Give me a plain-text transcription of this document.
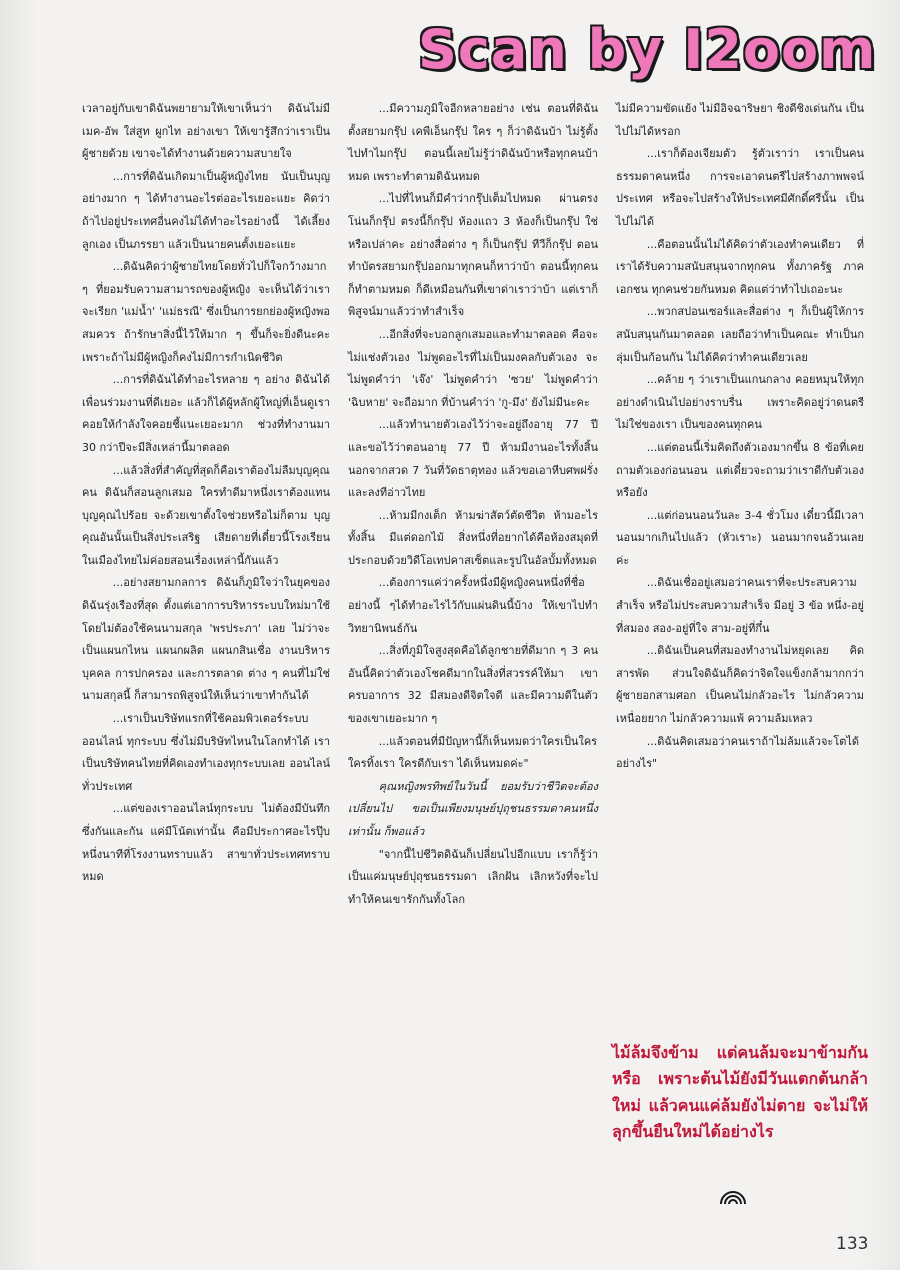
Scan by I2oom

เวลาอยู่กับเขาดิฉันพยายามให้เขาเห็นว่า ดิฉันไม่มีเมค-อัพ ใส่สูท ผูกไท อย่างเขา ให้เขารู้สึกว่าเราเป็นผู้ชายด้วย เขาจะได้ทำงานด้วยความสบายใจ

...การที่ดิฉันเกิดมาเป็นผู้หญิงไทย นับเป็นบุญอย่างมาก ๆ ได้ทำงานอะไรต่ออะไรเยอะแยะ คิดว่าถ้าไปอยู่ประเทศอื่นคงไม่ได้ทำอะไรอย่างนี้ ได้เลี้ยงลูกเอง เป็นภรรยา แล้วเป็นนายคนตั้งเยอะแยะ

...ดิฉันคิดว่าผู้ชายไทยโดยทั่วไปก็ใจกว้างมาก ๆ ที่ยอมรับความสามารถของผู้หญิง จะเห็นได้ว่าเราจะเรียก 'แม่น้ำ' 'แม่ธรณี' ซึ่งเป็นการยกย่องผู้หญิงพอสมควร ถ้ารักษาสิ่งนี้ไว้ให้มาก ๆ ขึ้นก็จะยิ่งดีนะคะ เพราะถ้าไม่มีผู้หญิงก็คงไม่มีการกำเนิดชีวิต

...การที่ดิฉันได้ทำอะไรหลาย ๆ อย่าง ดิฉันได้เพื่อนร่วมงานที่ดีเยอะ แล้วก็ได้ผู้หลักผู้ใหญ่ที่เอ็นดูเรา คอยให้กำลังใจคอยชี้แนะเยอะมาก ช่วงที่ทำงานมา 30 กว่าปีจะมีสิ่งเหล่านี้มาตลอด

...แล้วสิ่งที่สำคัญที่สุดก็คือเราต้องไม่ลืมบุญคุณคน ดิฉันก็สอนลูกเสมอ ใครทำดีมาหนึ่งเราต้องแทนบุญคุณไปร้อย จะด้วยเขาตั้งใจช่วยหรือไม่ก็ตาม บุญคุณอันนั้นเป็นสิ่งประเสริฐ เสียดายที่เดี๋ยวนี้โรงเรียนในเมืองไทยไม่ค่อยสอนเรื่องเหล่านี้กันแล้ว

...อย่างสยามกลการ ดิฉันก็ภูมิใจว่าในยุคของดิฉันรุ่งเรืองที่สุด ตั้งแต่เอาการบริหารระบบใหม่มาใช้ โดยไม่ต้องใช้คนนามสกุล 'พรประภา' เลย ไม่ว่าจะเป็นแผนกไหน แผนกผลิต แผนกสินเชื่อ งานบริหารบุคคล การปกครอง และการตลาด ต่าง ๆ คนที่ไม่ใช่นามสกุลนี้ ก็สามารถพิสูจน์ให้เห็นว่าเขาทำกันได้

...เราเป็นบริษัทแรกที่ใช้คอมพิวเตอร์ระบบออนไลน์ ทุกระบบ ซึ่งไม่มีบริษัทไหนในโลกทำได้ เราเป็นบริษัทคนไทยที่คิดเองทำเองทุกระบบเลย ออนไลน์ทั่วประเทศ

...แต่ของเราออนไลน์ทุกระบบ ไม่ต้องมีบันทึกซึ่งกันและกัน แค่มีโน้ตเท่านั้น คือมีประกาศอะไรปุ๊บ หนึ่งนาทีที่โรงงานทราบแล้ว สาขาทั่วประเทศทราบหมด

...มีความภูมิใจอีกหลายอย่าง เช่น ตอนที่ดิฉันตั้งสยามกรุ๊ป เคพีเอ็นกรุ๊ป ใคร ๆ ก็ว่าดิฉันบ้า ไม่รู้ตั้งไปทำไมกรุ๊ป ตอนนี้เลยไม่รู้ว่าดิฉันบ้าหรือทุกคนบ้าหมด เพราะทำตามดิฉันหมด

...ไปที่ไหนก็มีคำว่ากรุ๊ปเต็มไปหมด ผ่านตรงโน่นก็กรุ๊ป ตรงนี้ก็กรุ๊ป ห้องแถว 3 ห้องก็เป็นกรุ๊ป ใช่หรือเปล่าคะ อย่างสื่อต่าง ๆ ก็เป็นกรุ๊ป ทีวีก็กรุ๊ป ตอนทำบัตรสยามกรุ๊ปออกมาทุกคนก็หาว่าบ้า ตอนนี้ทุกคนก็ทำตามหมด ก็ดีเหมือนกันที่เขาด่าเราว่าบ้า แต่เราก็พิสูจน์มาแล้วว่าทำสำเร็จ

...อีกสิ่งที่จะบอกลูกเสมอและทำมาตลอด คือจะไม่แช่งตัวเอง ไม่พูดอะไรที่ไม่เป็นมงคลกับตัวเอง จะไม่พูดคำว่า 'เจ๊ง' ไม่พูดคำว่า 'ซวย' ไม่พูดคำว่า 'ฉิบหาย' จะถือมาก ที่บ้านคำว่า 'กู-มึง' ยังไม่มีนะคะ

...แล้วทำนายตัวเองไว้ว่าจะอยู่ถึงอายุ 77 ปีและขอไว้ว่าตอนอายุ 77 ปี ห้ามมีงานอะไรทั้งสิ้น นอกจากสวด 7 วันที่วัดธาตุทอง แล้วขอเอาหีบศพฝรั่ง และลงทีอ่าวไทย

...ห้ามมีกงเต็ก ห้ามฆ่าสัตว์ตัดชีวิต ห้ามอะไรทั้งสิ้น มีแต่ดอกไม้ สิ่งหนึ่งที่อยากได้คือห้องสมุดที่ประกอบด้วยวิดีโอเทปคาสเซ็ตและรูปในอัลบั้มทั้งหมด

...ต้องการแค่ว่าครั้งหนึ่งมีผู้หญิงคนหนึ่งที่ชื่ออย่างนี้ ๆได้ทำอะไรไว้กับแผ่นดินนี้บ้าง ให้เขาไปทำวิทยานิพนธ์กัน

...สิ่งที่ภูมิใจสูงสุดคือได้ลูกชายที่ดีมาก ๆ 3 คน อันนี้คิดว่าตัวเองโชคดีมากในสิ่งที่สวรรค์ให้มา เขาครบอาการ 32 มีสมองดีจิตใจดี และมีความดีในตัวของเขาเยอะมาก ๆ

...แล้วตอนที่มีปัญหานี้ก็เห็นหมดว่าใครเป็นใคร ใครทิ้งเรา ใครดีกับเรา ได้เห็นหมดค่ะ"

คุณหญิงพรทิพย์ในวันนี้ ยอมรับว่าชีวิตจะต้องเปลี่ยนไป ขอเป็นเพียงมนุษย์ปุถุชนธรรมดาคนหนึ่งเท่านั้น ก็พอแล้ว

"จากนี้ไปชีวิตดิฉันก็เปลี่ยนไปอีกแบบ เราก็รู้ว่าเป็นแค่มนุษย์ปุถุชนธรรมดา เลิกฝัน เลิกหวังที่จะไปทำให้คนเขารักกันทั้งโลก

ไม่มีความขัดแย้ง ไม่มีอิจฉาริษยา ชิงดีชิงเด่นกัน เป็นไปไม่ได้หรอก

...เราก็ต้องเจียมตัว รู้ตัวเราว่า เราเป็นคนธรรมดาคนหนึ่ง การจะเอาดนตรีไปสร้างภาพพจน์ประเทศ หรือจะไปสร้างให้ประเทศมีศักดิ์ศรีนั้น เป็นไปไม่ได้

...คือตอนนั้นไม่ได้คิดว่าตัวเองทำคนเดียว ที่เราได้รับความสนับสนุนจากทุกคน ทั้งภาครัฐ ภาคเอกชน ทุกคนช่วยกันหมด คิดแต่ว่าทำไปเถอะนะ

...พวกสปอนเซอร์และสื่อต่าง ๆ ก็เป็นผู้ให้การสนับสนุนกันมาตลอด เลยถือว่าทำเป็นคณะ ทำเป็นกลุ่มเป็นก้อนกัน ไม่ได้คิดว่าทำคนเดียวเลย

...คล้าย ๆ ว่าเราเป็นแกนกลาง คอยหมุนให้ทุกอย่างดำเนินไปอย่างราบรื่น เพราะคิดอยู่ว่าดนตรีไม่ใช่ของเรา เป็นของคนทุกคน

...แต่ตอนนี้เริ่มคิดถึงตัวเองมากขึ้น 8 ข้อที่เคยถามตัวเองก่อนนอน แต่เดี๋ยวจะถามว่าเราดีกับตัวเองหรือยัง

...แต่ก่อนนอนวันละ 3-4 ชั่วโมง เดี๋ยวนี้มีเวลานอนมากเกินไปแล้ว (หัวเราะ) นอนมากจนอ้วนเลยค่ะ

...ดิฉันเชื่ออยู่เสมอว่าคนเราที่จะประสบความสำเร็จ หรือไม่ประสบความสำเร็จ มีอยู่ 3 ข้อ หนึ่ง-อยู่ที่สมอง สอง-อยู่ที่ใจ สาม-อยู่ที่กึ๋น

...ดิฉันเป็นคนที่สมองทำงานไม่หยุดเลย คิดสารพัด ส่วนใจดิฉันก็คิดว่าจิตใจแข็งกล้ามากกว่าผู้ชายอกสามศอก เป็นคนไม่กลัวอะไร ไม่กลัวความเหนื่อยยาก ไม่กลัวความแพ้ ความล้มเหลว

...ดิฉันคิดเสมอว่าคนเราถ้าไม่ล้มแล้วจะโตได้อย่างไร"

ไม้ล้มจึงข้าม แต่คนล้มจะมาข้ามกันหรือ เพราะต้นไม้ยังมีวันแตกต้นกล้าใหม่ แล้วคนแค่ล้มยังไม่ตาย จะไม่ให้ลุกขึ้นยืนใหม่ได้อย่างไร
133
